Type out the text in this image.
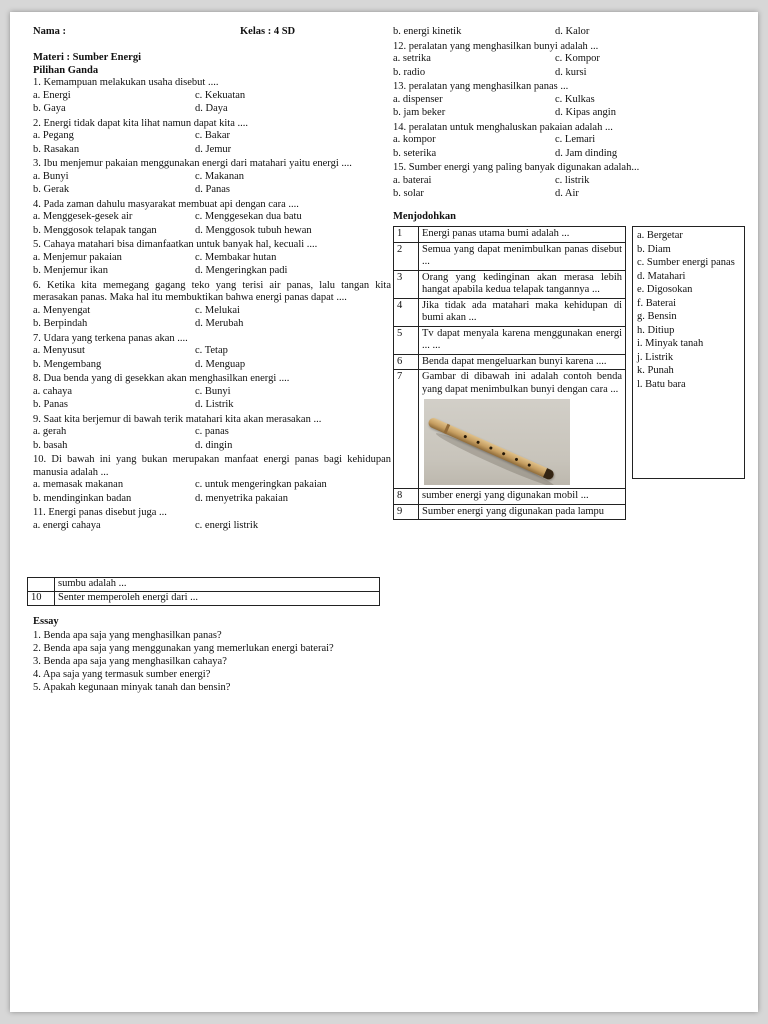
Nama :	Kelas : 4 SD
Materi : Sumber Energi
Pilihan Ganda
1. Kemampuan melakukan usaha disebut ....
a. Energi	c. Kekuatan
b. Gaya	d. Daya
2. Energi tidak dapat kita lihat namun dapat kita ....
a. Pegang	c. Bakar
b. Rasakan	d. Jemur
3. Ibu menjemur pakaian menggunakan energi dari matahari yaitu energi ....
a. Bunyi	c. Makanan
b. Gerak	d. Panas
4. Pada zaman dahulu masyarakat membuat api dengan cara ....
a. Menggesek-gesek air	c. Menggesekan dua batu
b. Menggosok telapak tangan	d. Menggosok tubuh hewan
5. Cahaya matahari bisa dimanfaatkan untuk banyak hal, kecuali ....
a. Menjemur pakaian	c. Membakar hutan
b. Menjemur ikan	d. Mengeringkan padi
6. Ketika kita memegang gagang teko yang terisi air panas, lalu tangan kita merasakan panas. Maka hal itu membuktikan bahwa energi panas dapat ....
a. Menyengat	c. Melukai
b. Berpindah	d. Merubah
7. Udara yang terkena panas akan ....
a. Menyusut	c. Tetap
b. Mengembang	d. Menguap
8. Dua benda yang di gesekkan akan menghasilkan energi ....
a. cahaya	c. Bunyi
b. Panas	d. Listrik
9. Saat kita berjemur di bawah terik matahari kita akan merasakan ...
a. gerah	c. panas
b. basah	d. dingin
10. Di bawah ini yang bukan merupakan manfaat energi panas bagi kehidupan manusia adalah ...
a. memasak makanan	c. untuk mengeringkan pakaian
b. mendinginkan badan	d. menyetrika pakaian
11. Energi panas disebut juga ...
a. energi cahaya	c. energi listrik
b. energi kinetik	d. Kalor
12. peralatan yang menghasilkan bunyi adalah ...
a. setrika	c. Kompor
b. radio	d. kursi
13. peralatan yang menghasilkan panas ...
a. dispenser	c. Kulkas
b. jam beker	d. Kipas angin
14. peralatan untuk menghaluskan pakaian adalah ...
a. kompor	c. Lemari
b. seterika	d. Jam dinding
15. Sumber energi yang paling banyak digunakan adalah...
a. baterai	c. listrik
b. solar	d. Air
Menjodohkan
1	Energi panas utama bumi adalah ...
2	Semua yang dapat menimbulkan panas disebut ...
3	Orang yang kedinginan akan merasa lebih hangat apabila kedua telapak tangannya ...
4	Jika tidak ada matahari maka kehidupan di bumi akan ...
5	Tv dapat menyala karena menggunakan energi ... ...
6	Benda dapat mengeluarkan bunyi karena ....
7	Gambar di dibawah ini adalah contoh benda yang dapat menimbulkan bunyi dengan cara ...

8	sumber energi yang digunakan mobil ...
9	Sumber energi yang digunakan pada lampu
a. Bergetar
b. Diam
c. Sumber energi panas
d. Matahari
e. Digosokan
f. Baterai
g. Bensin
h. Ditiup
i. Minyak tanah
j. Listrik
k. Punah
l. Batu bara
	sumbu adalah ...
10	Senter memperoleh energi dari ...
Essay
1. Benda apa saja yang menghasilkan panas?
2. Benda apa saja yang menggunakan yang memerlukan energi baterai?
3. Benda apa saja yang menghasilkan cahaya?
4. Apa saja yang termasuk sumber energi?
5. Apakah kegunaan minyak tanah dan bensin?
